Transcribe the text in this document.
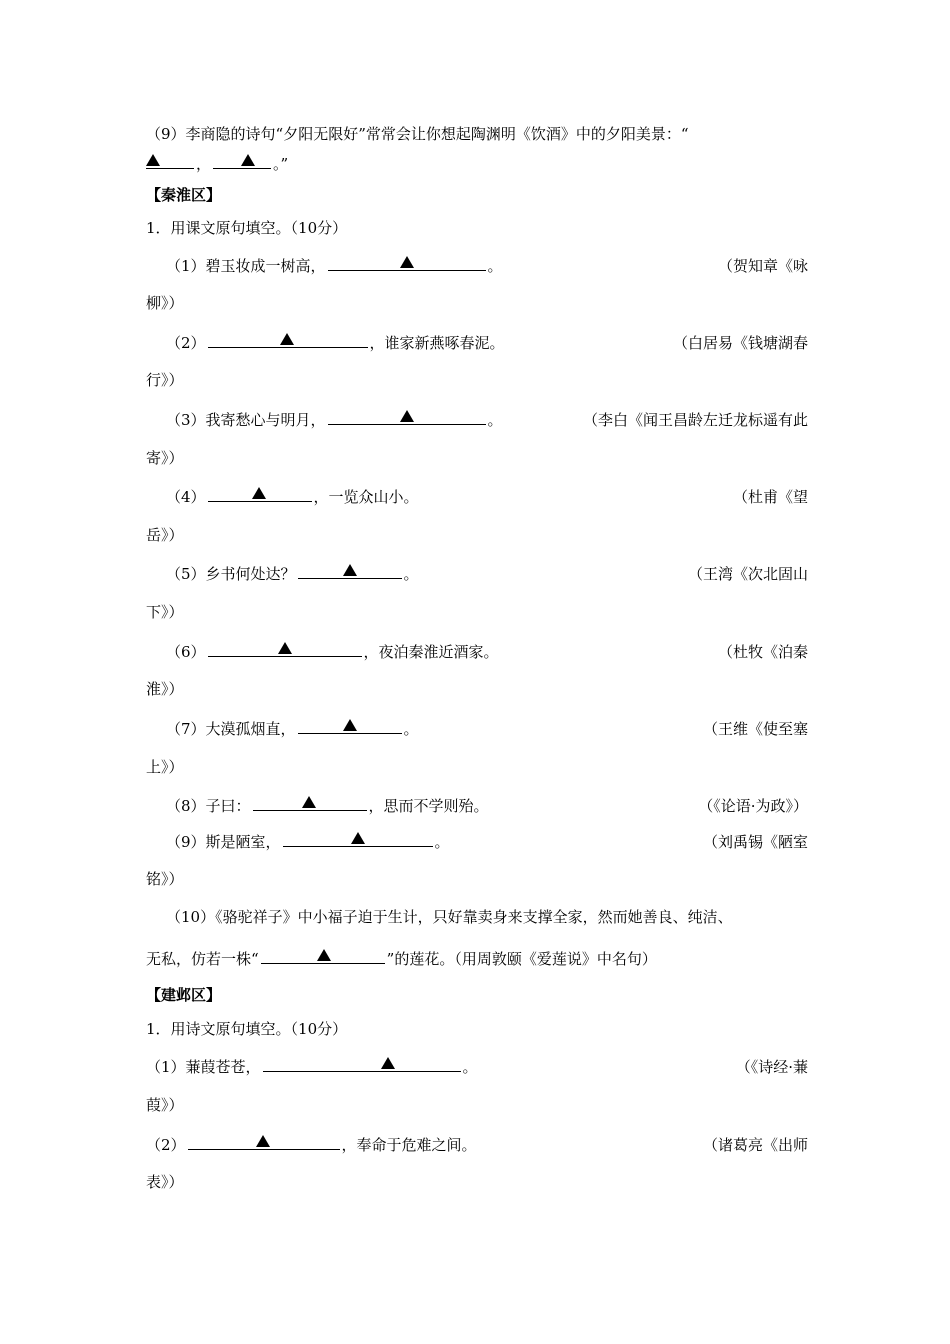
（9）李商隐的诗句“夕阳无限好”常常会让你想起陶渊明《饮酒》中的夕阳美景：“
，	。”
【秦淮区】
1．用课文原句填空。（10分）
（1）碧玉妆成一树高，	。	（贺知章《咏
柳》）
（2）	，谁家新燕啄春泥。	（白居易《钱塘湖春
行》）
（3）我寄愁心与明月，	。	（李白《闻王昌龄左迁龙标遥有此
寄》）
（4）	，一览众山小。	（杜甫《望
岳》）
（5）乡书何处达？	。	（王湾《次北固山
下》）
（6）	，夜泊秦淮近酒家。	（杜牧《泊秦
淮》）
（7）大漠孤烟直，	。	（王维《使至塞
上》）
（8）子曰：	，思而不学则殆。	（《论语·为政》）
（9）斯是陋室，	。	（刘禹锡《陋室
铭》）
（10）《骆驼祥子》中小福子迫于生计，只好靠卖身来支撑全家，然而她善良、纯洁、
无私，仿若一株“	”的莲花。（用周敦颐《爱莲说》中名句）
【建邺区】
1．用诗文原句填空。（10分）
（1）蒹葭苍苍，	。	（《诗经·蒹
葭》）
（2）	，奉命于危难之间。	（诸葛亮《出师
表》）
